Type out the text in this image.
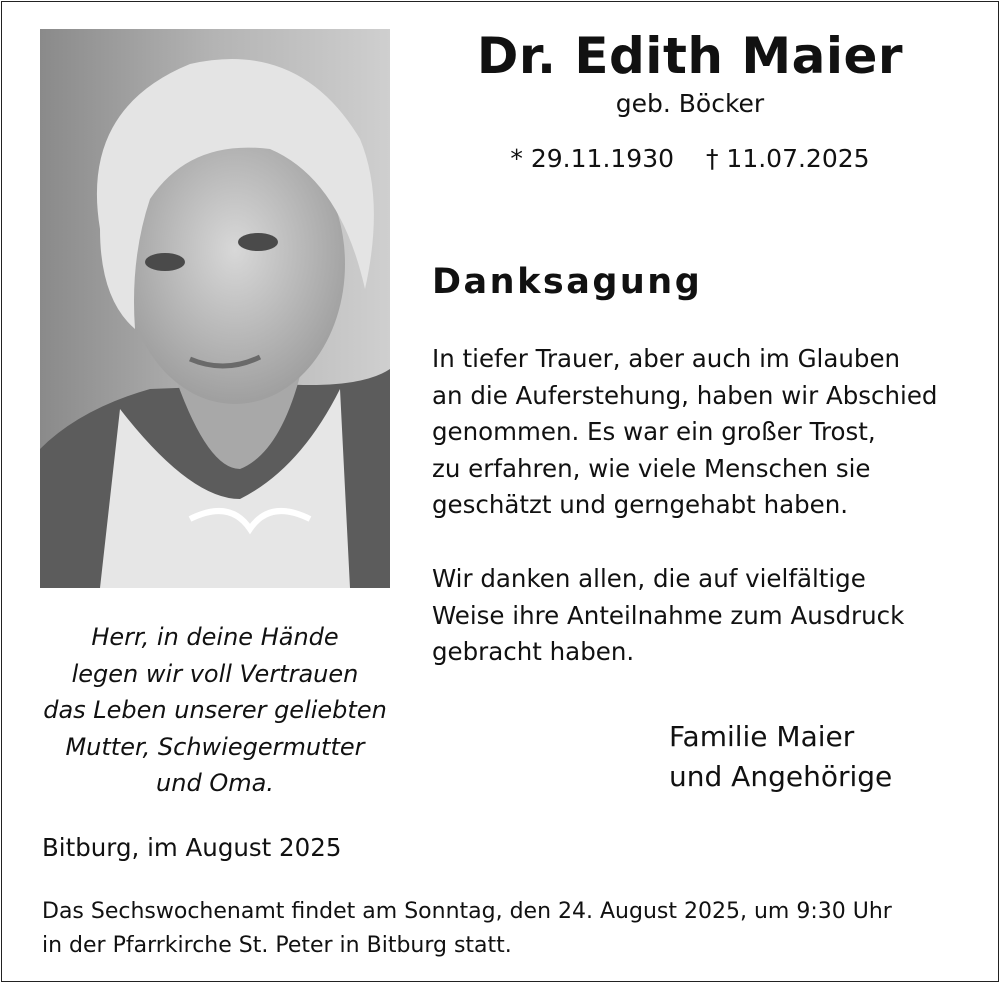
Dr. Edith Maier
geb. Böcker
* 29.11.1930 † 11.07.2025
Danksagung
In tiefer Trauer, aber auch im Glauben
an die Auferstehung, haben wir Abschied
genommen. Es war ein großer Trost,
zu erfahren, wie viele Menschen sie
geschätzt und gerngehabt haben.
Wir danken allen, die auf vielfältige
Weise ihre Anteilnahme zum Ausdruck
gebracht haben.
Familie Maier
und Angehörige
Herr, in deine Hände
legen wir voll Vertrauen
das Leben unserer geliebten
Mutter, Schwiegermutter
und Oma.
Bitburg, im August 2025
Das Sechswochenamt findet am Sonntag, den 24. August 2025, um 9:30 Uhr
in der Pfarrkirche St. Peter in Bitburg statt.
